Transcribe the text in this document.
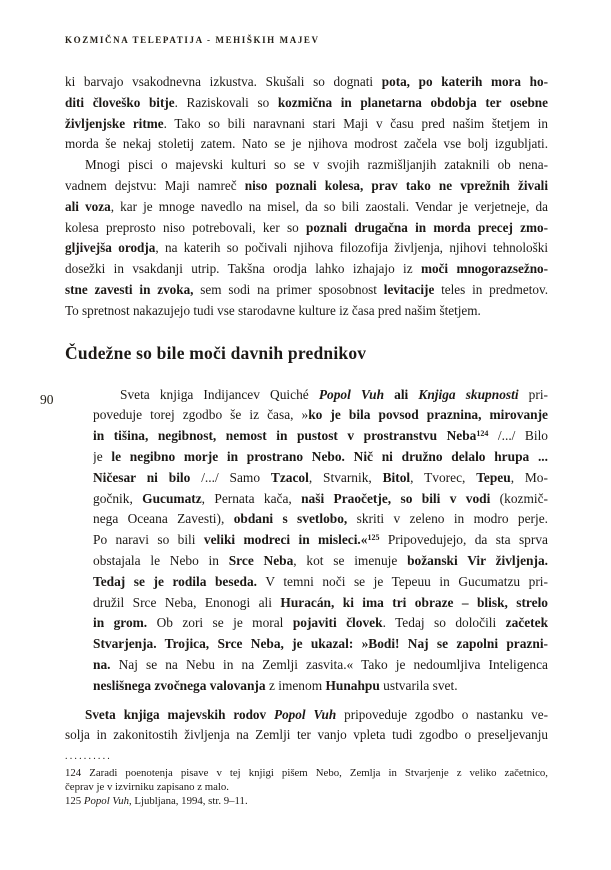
KOZMIČNA TELEPATIJA - MEHIŠKIH MAJEV
90
ki barvajo vsakodnevna izkustva. Skušali so dognati pota, po katerih mora ho-
diti človeško bitje. Raziskovali so kozmična in planetarna obdobja ter osebne
življenjske ritme. Tako so bili naravnani stari Maji v času pred našim štetjem in
morda še nekaj stoletij zatem. Nato se je njihova modrost začela vse bolj izgubljati.
Mnogi pisci o majevski kulturi so se v svojih razmišljanjih zataknili ob nena-
vadnem dejstvu: Maji namreč niso poznali kolesa, prav tako ne vprežnih živali
ali voza, kar je mnoge navedlo na misel, da so bili zaostali. Vendar je verjetneje, da
kolesa preprosto niso potrebovali, ker so poznali drugačna in morda precej zmo-
gljivejša orodja, na katerih so počivali njihova filozofija življenja, njihovi tehnološki
dosežki in vsakdanji utrip. Takšna orodja lahko izhajajo iz moči mnogorazsežno-
stne zavesti in zvoka, sem sodi na primer sposobnost levitacije teles in predmetov.
To spretnost nakazujejo tudi vse starodavne kulture iz časa pred našim štetjem.
Čudežne so bile moči davnih prednikov
Sveta knjiga Indijancev Quiché Popol Vuh ali Knjiga skupnosti pri-
poveduje torej zgodbo še iz časa, »ko je bila povsod praznina, mirovanje
in tišina, negibnost, nemost in pustost v prostranstvu Neba$^{124}$ /.../ Bilo
je le negibno morje in prostrano Nebo. Nič ni družno delalo hrupa ...
Ničesar ni bilo /.../ Samo Tzacol, Stvarnik, Bitol, Tvorec, Tepeu, Mo-
gočnik, Gucumatz, Pernata kača, naši Praočetje, so bili v vodi (kozmič-
nega Oceana Zavesti), obdani s svetlobo, skriti v zeleno in modro perje.
Po naravi so bili veliki modreci in misleci.«$^{125}$ Pripovedujejo, da sta sprva
obstajala le Nebo in Srce Neba, kot se imenuje božanski Vir življenja.
Tedaj se je rodila beseda. V temni noči se je Tepeuu in Gucumatzu pri-
družil Srce Neba, Enonogi ali Huracán, ki ima tri obraze – blisk, strelo
in grom. Ob zori se je moral pojaviti človek. Tedaj so določili začetek
Stvarjenja. Trojica, Srce Neba, je ukazal: »Bodi! Naj se zapolni prazni-
na. Naj se na Nebu in na Zemlji zasvita.« Tako je nedoumljiva Inteligenca
neslišnega zvočnega valovanja z imenom Hunahpu ustvarila svet.
Sveta knjiga majevskih rodov Popol Vuh pripoveduje zgodbo o nastanku ve-
solja in zakonitostih življenja na Zemlji ter vanjo vpleta tudi zgodbo o preseljevanju
..........
124 Zaradi poenotenja pisave v tej knjigi pišem Nebo, Zemlja in Stvarjenje z veliko začetnico,
čeprav je v izvirniku zapisano z malo.
125 Popol Vuh, Ljubljana, 1994, str. 9–11.
